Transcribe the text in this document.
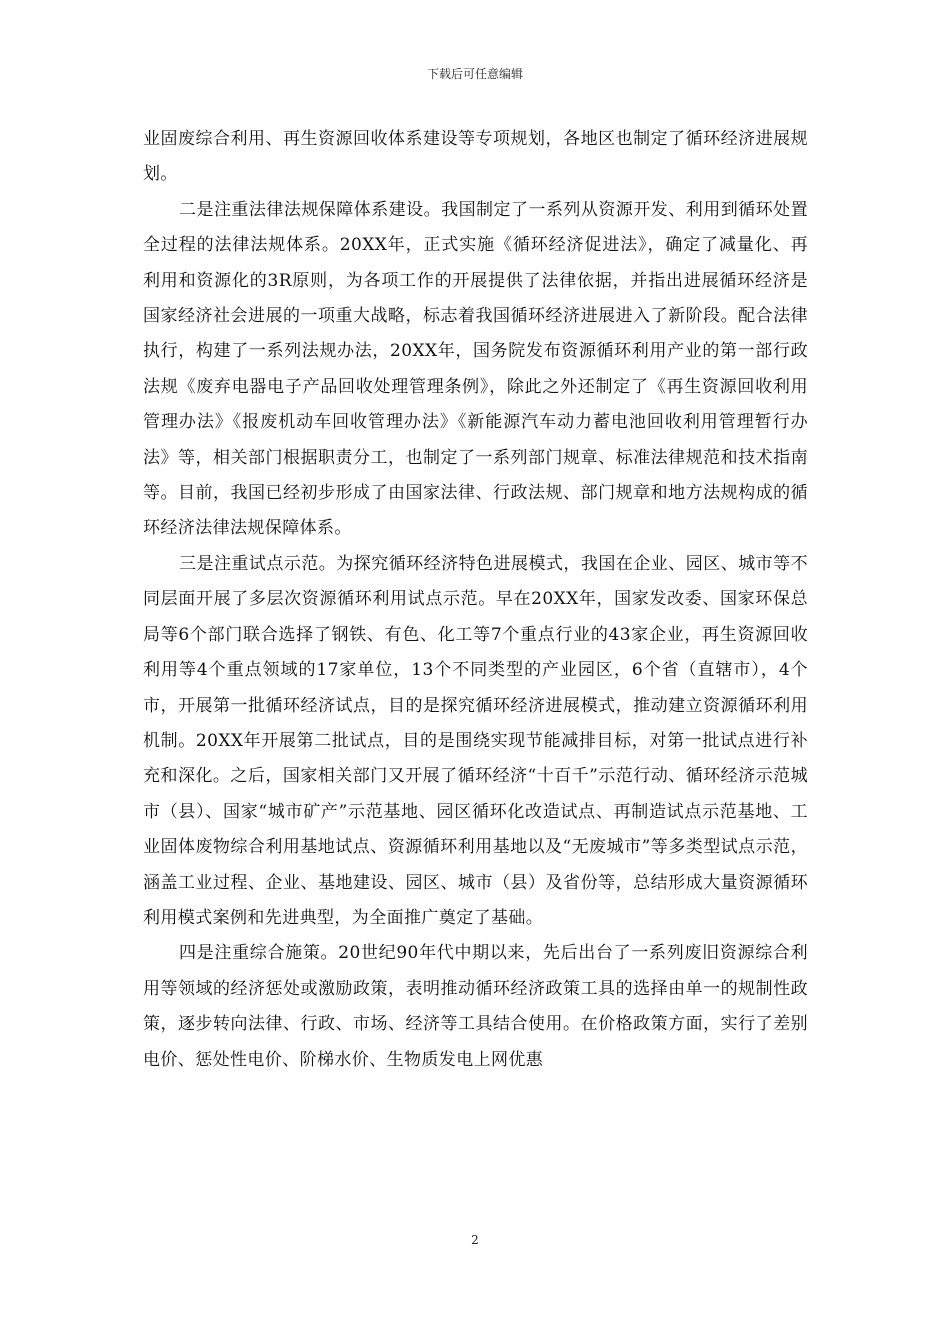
下载后可任意编辑

业固废综合利用、再生资源回收体系建设等专项规划，各地区也制定了循环经济进展规划。

二是注重法律法规保障体系建设。我国制定了一系列从资源开发、利用到循环处置全过程的法律法规体系。20XX年，正式实施《循环经济促进法》，确定了减量化、再利用和资源化的3R原则，为各项工作的开展提供了法律依据，并指出进展循环经济是国家经济社会进展的一项重大战略，标志着我国循环经济进展进入了新阶段。配合法律执行，构建了一系列法规办法，20XX年，国务院发布资源循环利用产业的第一部行政法规《废弃电器电子产品回收处理管理条例》，除此之外还制定了《再生资源回收利用管理办法》《报废机动车回收管理办法》《新能源汽车动力蓄电池回收利用管理暂行办法》等，相关部门根据职责分工，也制定了一系列部门规章、标准法律规范和技术指南等。目前，我国已经初步形成了由国家法律、行政法规、部门规章和地方法规构成的循环经济法律法规保障体系。

三是注重试点示范。为探究循环经济特色进展模式，我国在企业、园区、城市等不同层面开展了多层次资源循环利用试点示范。早在20XX年，国家发改委、国家环保总局等6个部门联合选择了钢铁、有色、化工等7个重点行业的43家企业，再生资源回收利用等4个重点领域的17家单位，13个不同类型的产业园区，6个省（直辖市），4个市，开展第一批循环经济试点，目的是探究循环经济进展模式，推动建立资源循环利用机制。20XX年开展第二批试点，目的是围绕实现节能减排目标，对第一批试点进行补充和深化。之后，国家相关部门又开展了循环经济“十百千”示范行动、循环经济示范城市（县）、国家“城市矿产”示范基地、园区循环化改造试点、再制造试点示范基地、工业固体废物综合利用基地试点、资源循环利用基地以及“无废城市”等多类型试点示范，涵盖工业过程、企业、基地建设、园区、城市（县）及省份等，总结形成大量资源循环利用模式案例和先进典型，为全面推广奠定了基础。

四是注重综合施策。20世纪90年代中期以来，先后出台了一系列废旧资源综合利用等领域的经济惩处或激励政策，表明推动循环经济政策工具的选择由单一的规制性政策，逐步转向法律、行政、市场、经济等工具结合使用。在价格政策方面，实行了差别电价、惩处性电价、阶梯水价、生物质发电上网优惠

2
